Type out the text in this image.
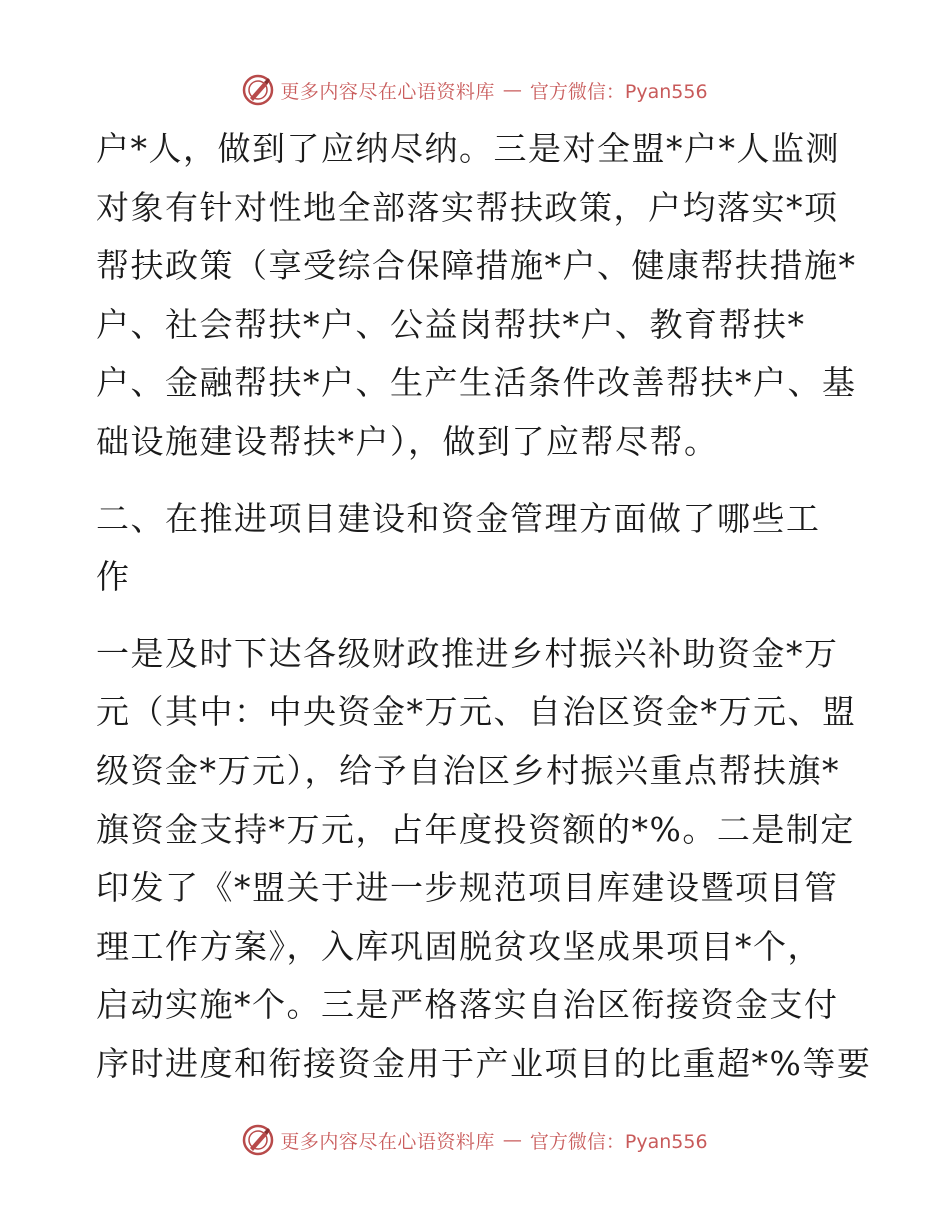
更多内容尽在心语资料库 — 官方微信：Pyan556
户*人，做到了应纳尽纳。三是对全盟*户*人监测
对象有针对性地全部落实帮扶政策，户均落实*项
帮扶政策（享受综合保障措施*户、健康帮扶措施*
户、社会帮扶*户、公益岗帮扶*户、教育帮扶*
户、金融帮扶*户、生产生活条件改善帮扶*户、基
础设施建设帮扶*户），做到了应帮尽帮。
二、在推进项目建设和资金管理方面做了哪些工
作
一是及时下达各级财政推进乡村振兴补助资金*万
元（其中：中央资金*万元、自治区资金*万元、盟
级资金*万元），给予自治区乡村振兴重点帮扶旗*
旗资金支持*万元，占年度投资额的*%。二是制定
印发了《*盟关于进一步规范项目库建设暨项目管
理工作方案》，入库巩固脱贫攻坚成果项目*个，
启动实施*个。三是严格落实自治区衔接资金支付
序时进度和衔接资金用于产业项目的比重超*%等要
更多内容尽在心语资料库 — 官方微信：Pyan556
